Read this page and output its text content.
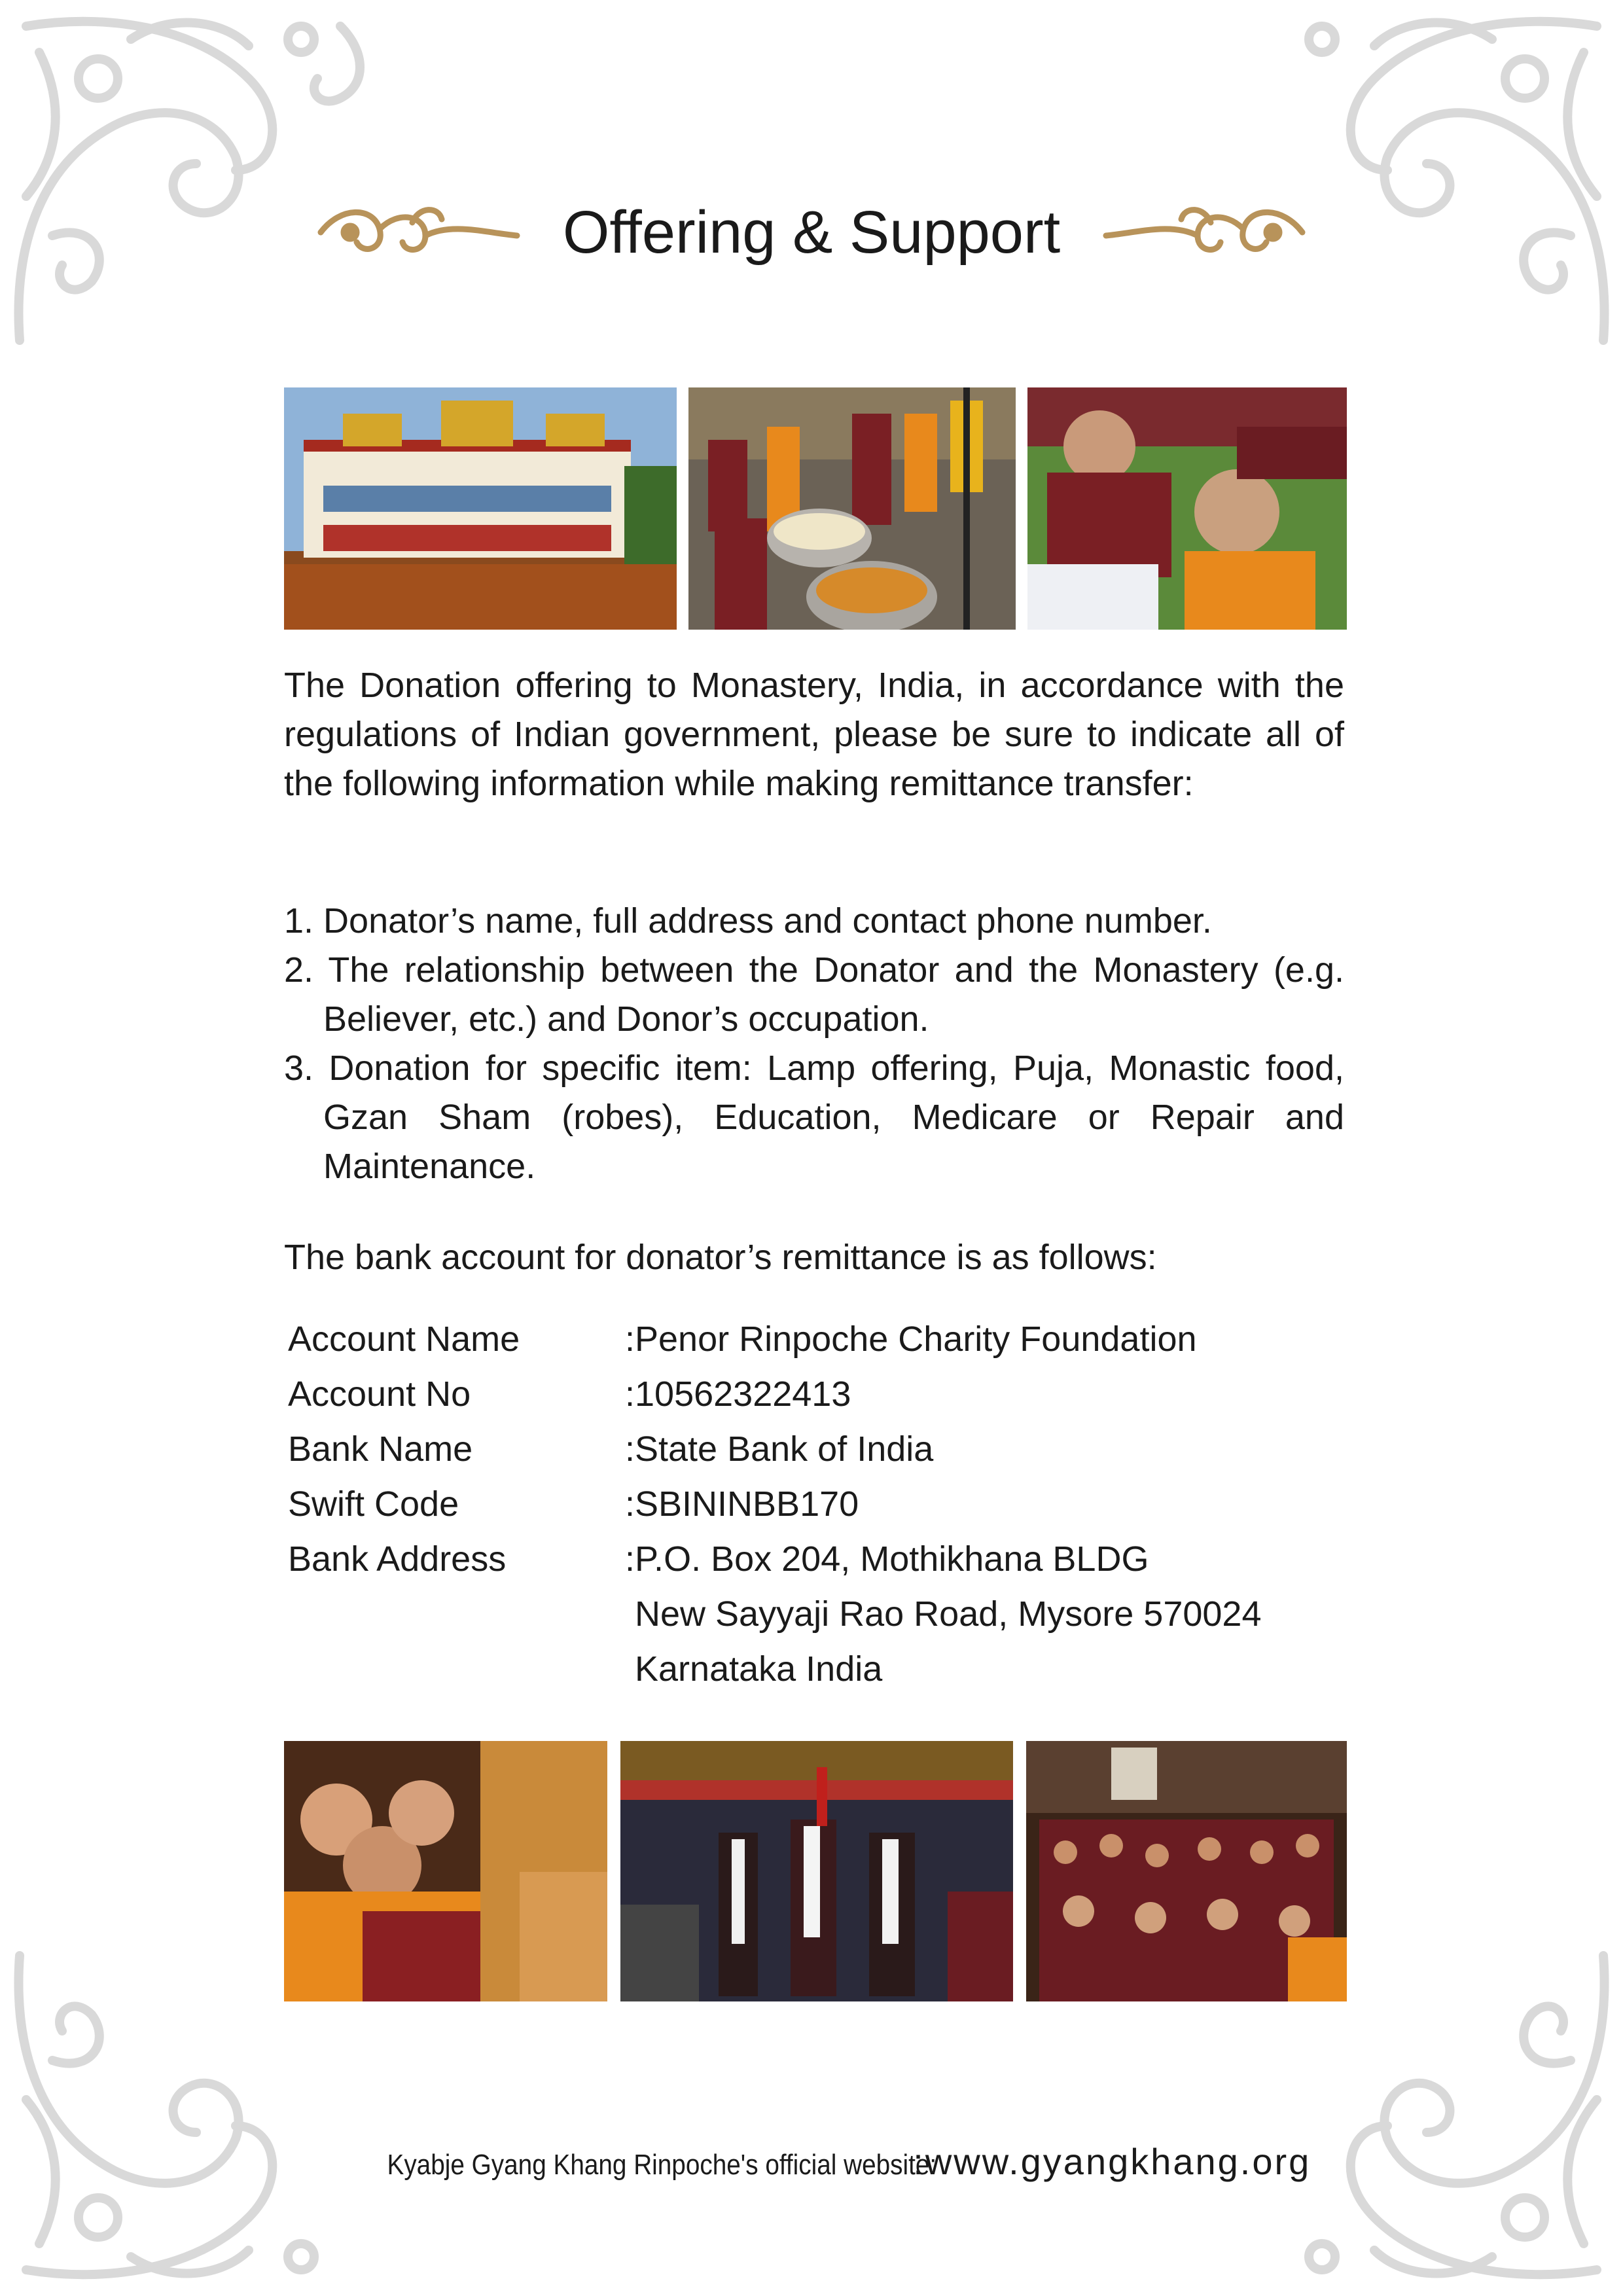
Offering & Support

The Donation offering to Monastery, India, in accordance with the regulations of Indian government, please be sure to indicate all of the following information while making remittance transfer:

1. Donator’s name, full address and contact phone number.
2. The relationship between the Donator and the Monastery (e.g. Believer, etc.) and Donor’s occupation.
3. Donation for specific item: Lamp offering, Puja, Monastic food, Gzan Sham (robes), Education, Medicare or Repair and Maintenance.
The bank account for donator’s remittance is as follows:
Account Name	:Penor Rinpoche Charity Foundation
Account No	:10562322413
Bank Name	:State Bank of India
Swift Code	:SBININBB170
Bank Address	:P.O. Box 204, Mothikhana BLDG
New Sayyaji Rao Road, Mysore 570024
Karnataka India
Kyabje Gyang Khang Rinpoche's official website: :www.gyangkhang.org
